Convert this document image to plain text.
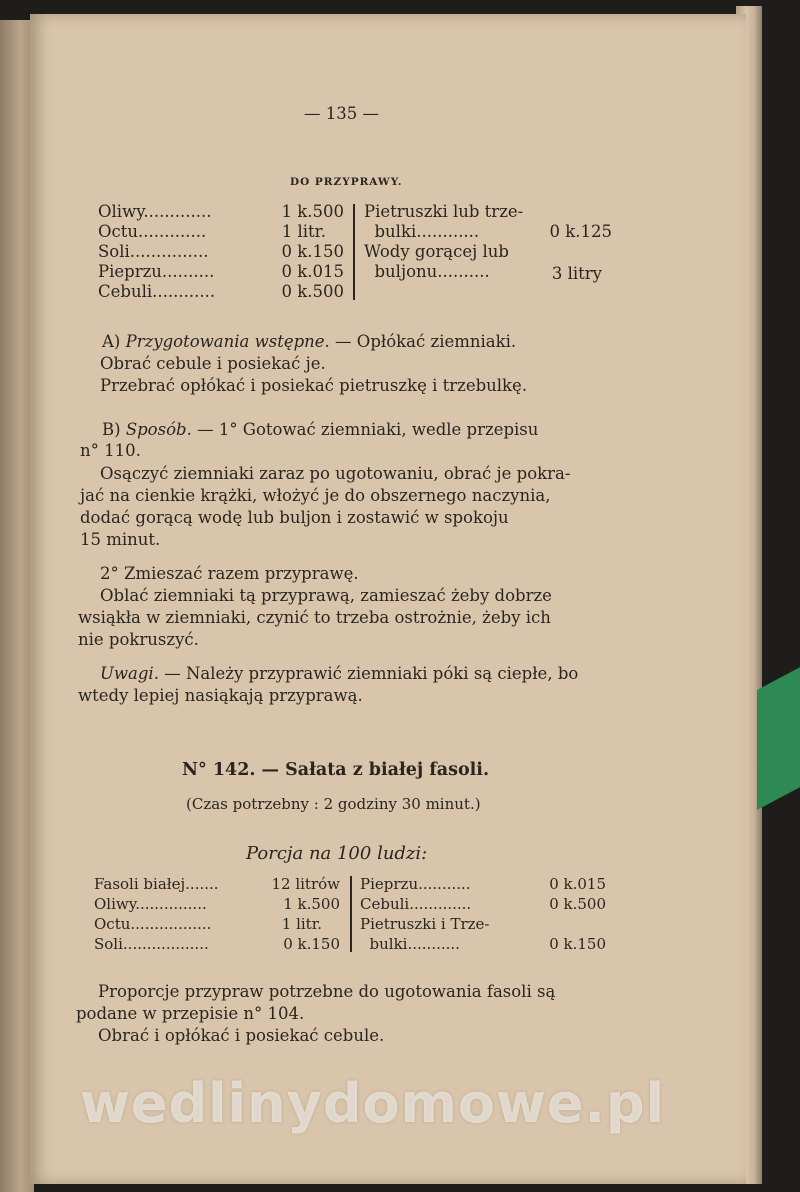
— 135 —
DO PRZYPRAWY.
Oliwy.............	1 k.500
Octu.............	1 litr.
Soli...............	0 k.150
Pieprzu..........	0 k.015
Cebuli............	0 k.500
Pietruszki lub trze-
bulki............	0 k.125
Wody gorącej lub
buljonu..........	3 litry
A) Przygotowania wstępne. — Opłókać ziemniaki.
Obrać cebule i posiekać je.
Przebrać opłókać i posiekać pietruszkę i trzebulkę.
B) Sposób. — 1° Gotować ziemniaki, wedle przepisu
n° 110.
Osączyć ziemniaki zaraz po ugotowaniu, obrać je pokra-
jać na cienkie krążki, włożyć je do obszernego naczynia,
dodać gorącą wodę lub buljon i zostawić w spokoju
15 minut.
2° Zmieszać razem przyprawę.
Oblać ziemniaki tą przyprawą, zamieszać żeby dobrze
wsiąkła w ziemniaki, czynić to trzeba ostrożnie, żeby ich
nie pokruszyć.
Uwagi. — Należy przyprawić ziemniaki póki są ciepłe, bo
wtedy lepiej nasiąkają przyprawą.
N° 142. — Sałata z białej fasoli.
(Czas potrzebny : 2 godziny 30 minut.)
Porcja na 100 ludzi:
Fasoli białej.......	12 litrów
Oliwy...............	1 k.500
Octu.................	1 litr.
Soli..................	0 k.150
Pieprzu...........	0 k.015
Cebuli.............	0 k.500
Pietruszki i Trze-
bulki...........	0 k.150
Proporcje przypraw potrzebne do ugotowania fasoli są
podane w przepisie n° 104.
Obrać i opłókać i posiekać cebule.
wedlinydomowe.pl
